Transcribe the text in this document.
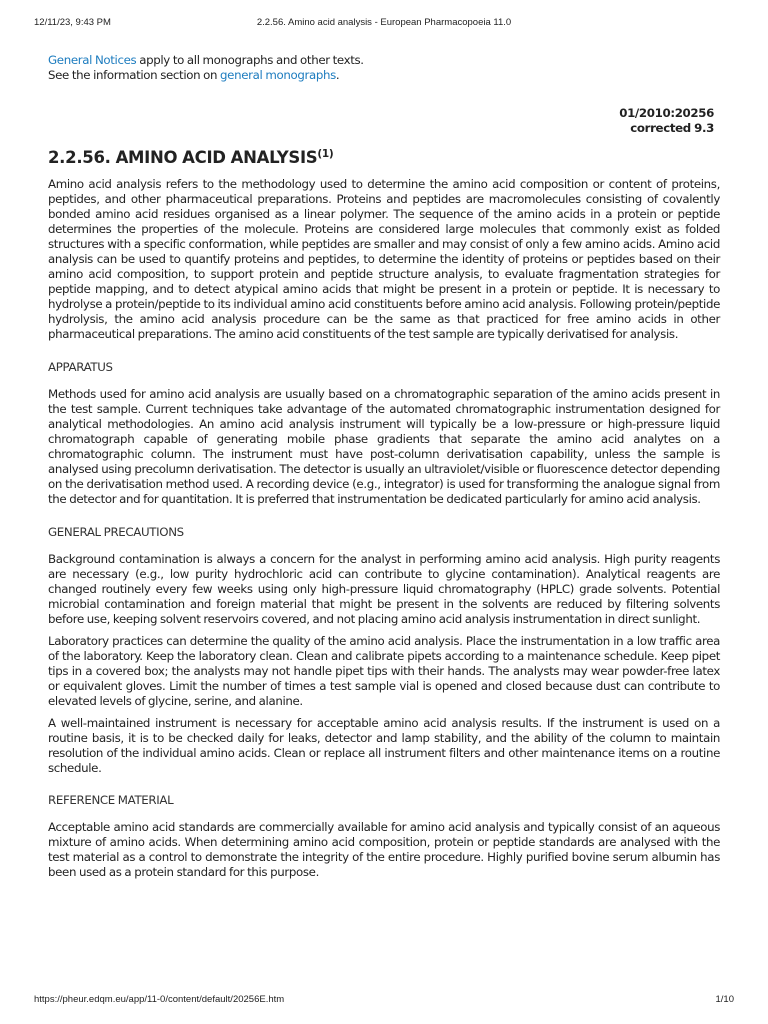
12/11/23, 9:43 PM	2.2.56. Amino acid analysis - European Pharmacopoeia 11.0

General Notices apply to all monographs and other texts.

See the information section on general monographs.

01/2010:20256
corrected 9.3
2.2.56. AMINO ACID ANALYSIS$^{(1)}$

Amino acid analysis refers to the methodology used to determine the amino acid composition or content of proteins, peptides, and other pharmaceutical preparations. Proteins and peptides are macromolecules consisting of covalently bonded amino acid residues organised as a linear polymer. The sequence of the amino acids in a protein or peptide determines the properties of the molecule. Proteins are considered large molecules that commonly exist as folded structures with a specific conformation, while peptides are smaller and may consist of only a few amino acids. Amino acid analysis can be used to quantify proteins and peptides, to determine the identity of proteins or peptides based on their amino acid composition, to support protein and peptide structure analysis, to evaluate fragmentation strategies for peptide mapping, and to detect atypical amino acids that might be present in a protein or peptide. It is necessary to hydrolyse a protein/peptide to its individual amino acid constituents before amino acid analysis. Following protein/peptide hydrolysis, the amino acid analysis procedure can be the same as that practiced for free amino acids in other pharmaceutical preparations. The amino acid constituents of the test sample are typically derivatised for analysis.

APPARATUS

Methods used for amino acid analysis are usually based on a chromatographic separation of the amino acids present in the test sample. Current techniques take advantage of the automated chromatographic instrumentation designed for analytical methodologies. An amino acid analysis instrument will typically be a low-pressure or high-pressure liquid chromatograph capable of generating mobile phase gradients that separate the amino acid analytes on a chromatographic column. The instrument must have post-column derivatisation capability, unless the sample is analysed using precolumn derivatisation. The detector is usually an ultraviolet/visible or fluorescence detector depending on the derivatisation method used. A recording device (e.g., integrator) is used for transforming the analogue signal from the detector and for quantitation. It is preferred that instrumentation be dedicated particularly for amino acid analysis.

GENERAL PRECAUTIONS

Background contamination is always a concern for the analyst in performing amino acid analysis. High purity reagents are necessary (e.g., low purity hydrochloric acid can contribute to glycine contamination). Analytical reagents are changed routinely every few weeks using only high-pressure liquid chromatography (HPLC) grade solvents. Potential microbial contamination and foreign material that might be present in the solvents are reduced by filtering solvents before use, keeping solvent reservoirs covered, and not placing amino acid analysis instrumentation in direct sunlight.

Laboratory practices can determine the quality of the amino acid analysis. Place the instrumentation in a low traffic area of the laboratory. Keep the laboratory clean. Clean and calibrate pipets according to a maintenance schedule. Keep pipet tips in a covered box; the analysts may not handle pipet tips with their hands. The analysts may wear powder-free latex or equivalent gloves. Limit the number of times a test sample vial is opened and closed because dust can contribute to elevated levels of glycine, serine, and alanine.

A well-maintained instrument is necessary for acceptable amino acid analysis results. If the instrument is used on a routine basis, it is to be checked daily for leaks, detector and lamp stability, and the ability of the column to maintain resolution of the individual amino acids. Clean or replace all instrument filters and other maintenance items on a routine schedule.

REFERENCE MATERIAL

Acceptable amino acid standards are commercially available for amino acid analysis and typically consist of an aqueous mixture of amino acids. When determining amino acid composition, protein or peptide standards are analysed with the test material as a control to demonstrate the integrity of the entire procedure. Highly purified bovine serum albumin has been used as a protein standard for this purpose.

https://pheur.edqm.eu/app/11-0/content/default/20256E.htm	1/10
